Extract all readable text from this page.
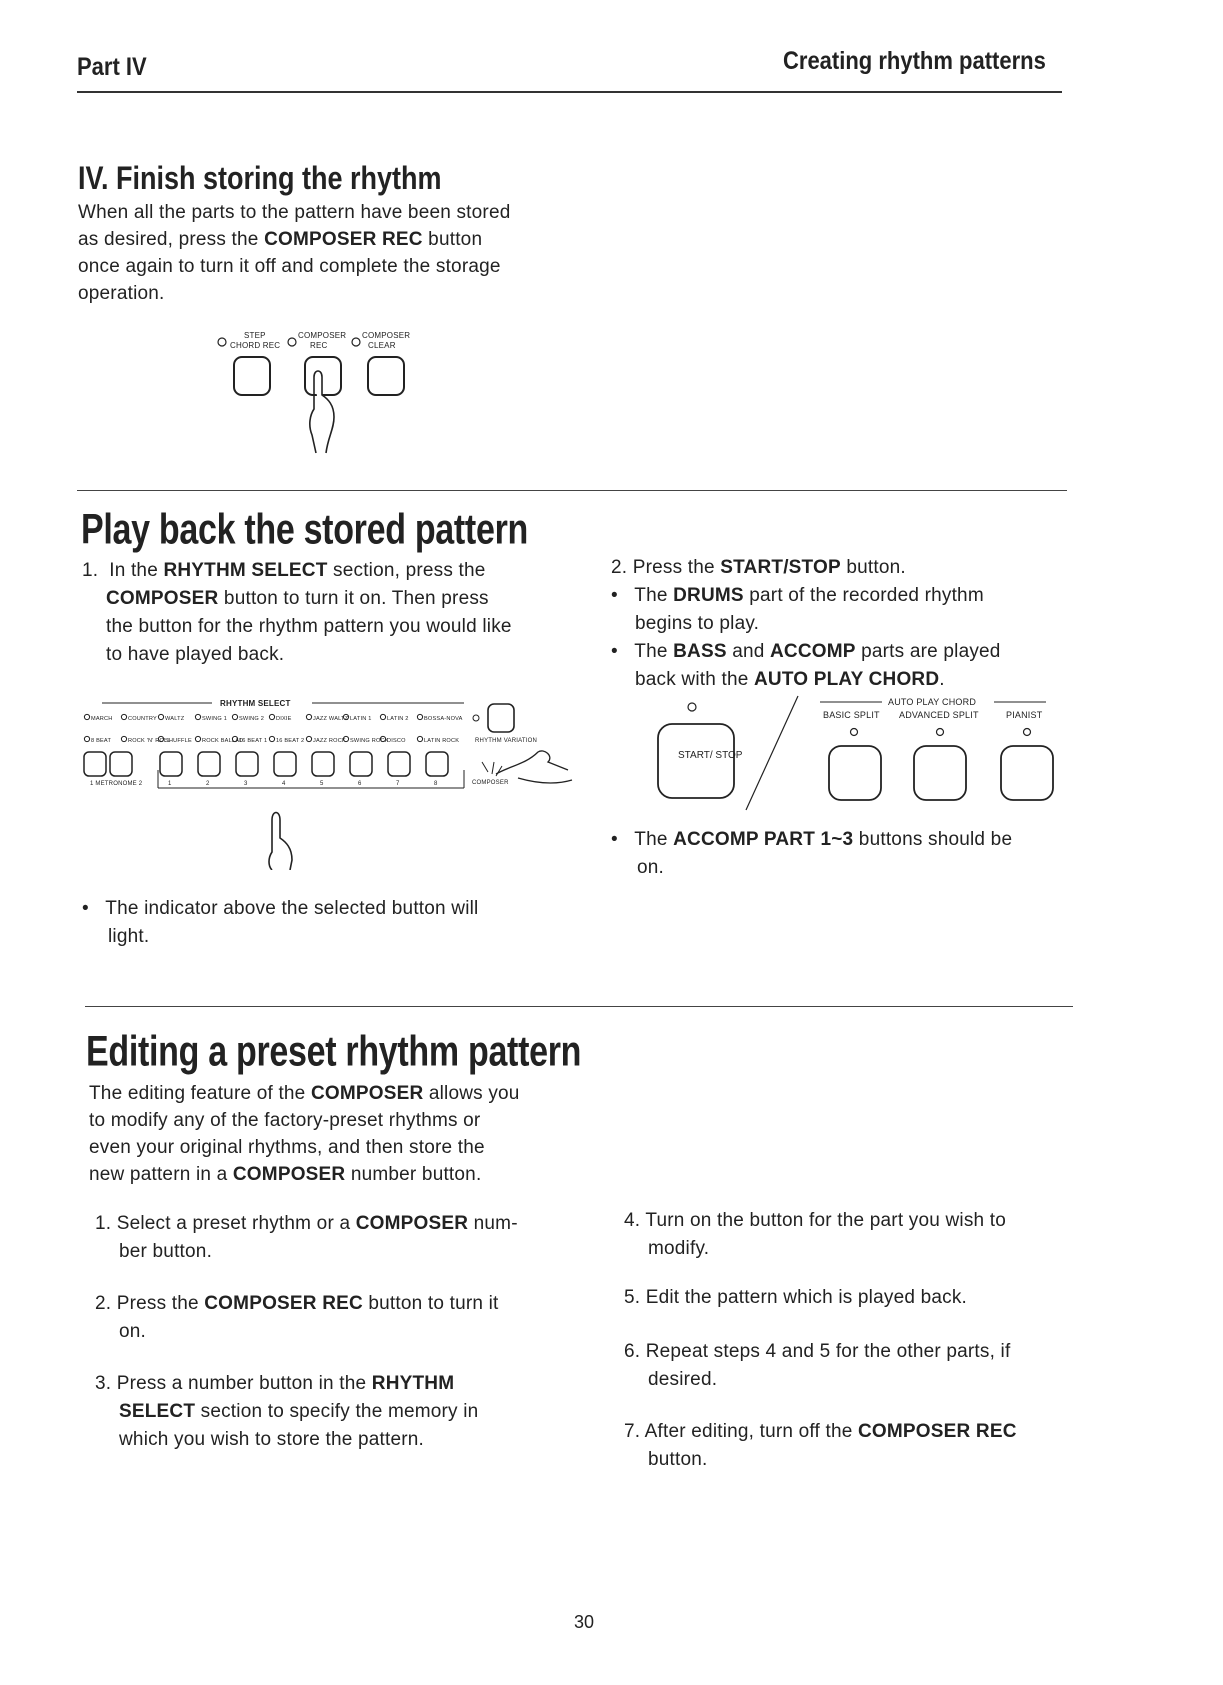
Part IV	Creating rhythm patterns
IV. Finish storing the rhythm

When all the parts to the pattern have been stored

as desired, press the COMPOSER REC button

once again to turn it off and complete the storage

operation.

STEP
CHORD REC
COMPOSER
REC
COMPOSER
CLEAR
Play back the stored pattern
1. In the RHYTHM SELECT section, press the
COMPOSER button to turn it on. Then press
the button for the rhythm pattern you would like
to have played back.
RHYTHM SELECT
MARCH	COUNTRY WALTZ	SWING 1 SWING 2 DIXIE	JAZZ WALTZ LATIN 1	LATIN 2	BOSSA-NOVA
8 BEAT	ROCK 'N' ROLL
SHUFFLE ROCK BALLAD
16 BEAT 1 16 BEAT 2 JAZZ ROCK SWING ROCK
DISCO	LATIN ROCK	RHYTHM VARIATION
1 METRONOME 2	1	2	3	4	5	6	7	8	COMPOSER
•   The indicator above the selected button will
light.
2. Press the START/STOP button.
•   The DRUMS part of the recorded rhythm
begins to play.
•   The BASS and ACCOMP parts are played
back with the AUTO PLAY CHORD.
START/ STOP
AUTO PLAY CHORD
BASIC SPLIT ADVANCED SPLIT	PIANIST
•   The ACCOMP PART 1~3 buttons should be
on.
Editing a preset rhythm pattern

The editing feature of the COMPOSER allows you

to modify any of the factory-preset rhythms or

even your original rhythms, and then store the

new pattern in a COMPOSER number button.

1. Select a preset rhythm or a COMPOSER num-
ber button.
2. Press the COMPOSER REC button to turn it
on.
3. Press a number button in the RHYTHM
SELECT section to specify the memory in
which you wish to store the pattern.
4. Turn on the button for the part you wish to
modify.
5. Edit the pattern which is played back.
6. Repeat steps 4 and 5 for the other parts, if
desired.
7. After editing, turn off the COMPOSER REC
button.
30
